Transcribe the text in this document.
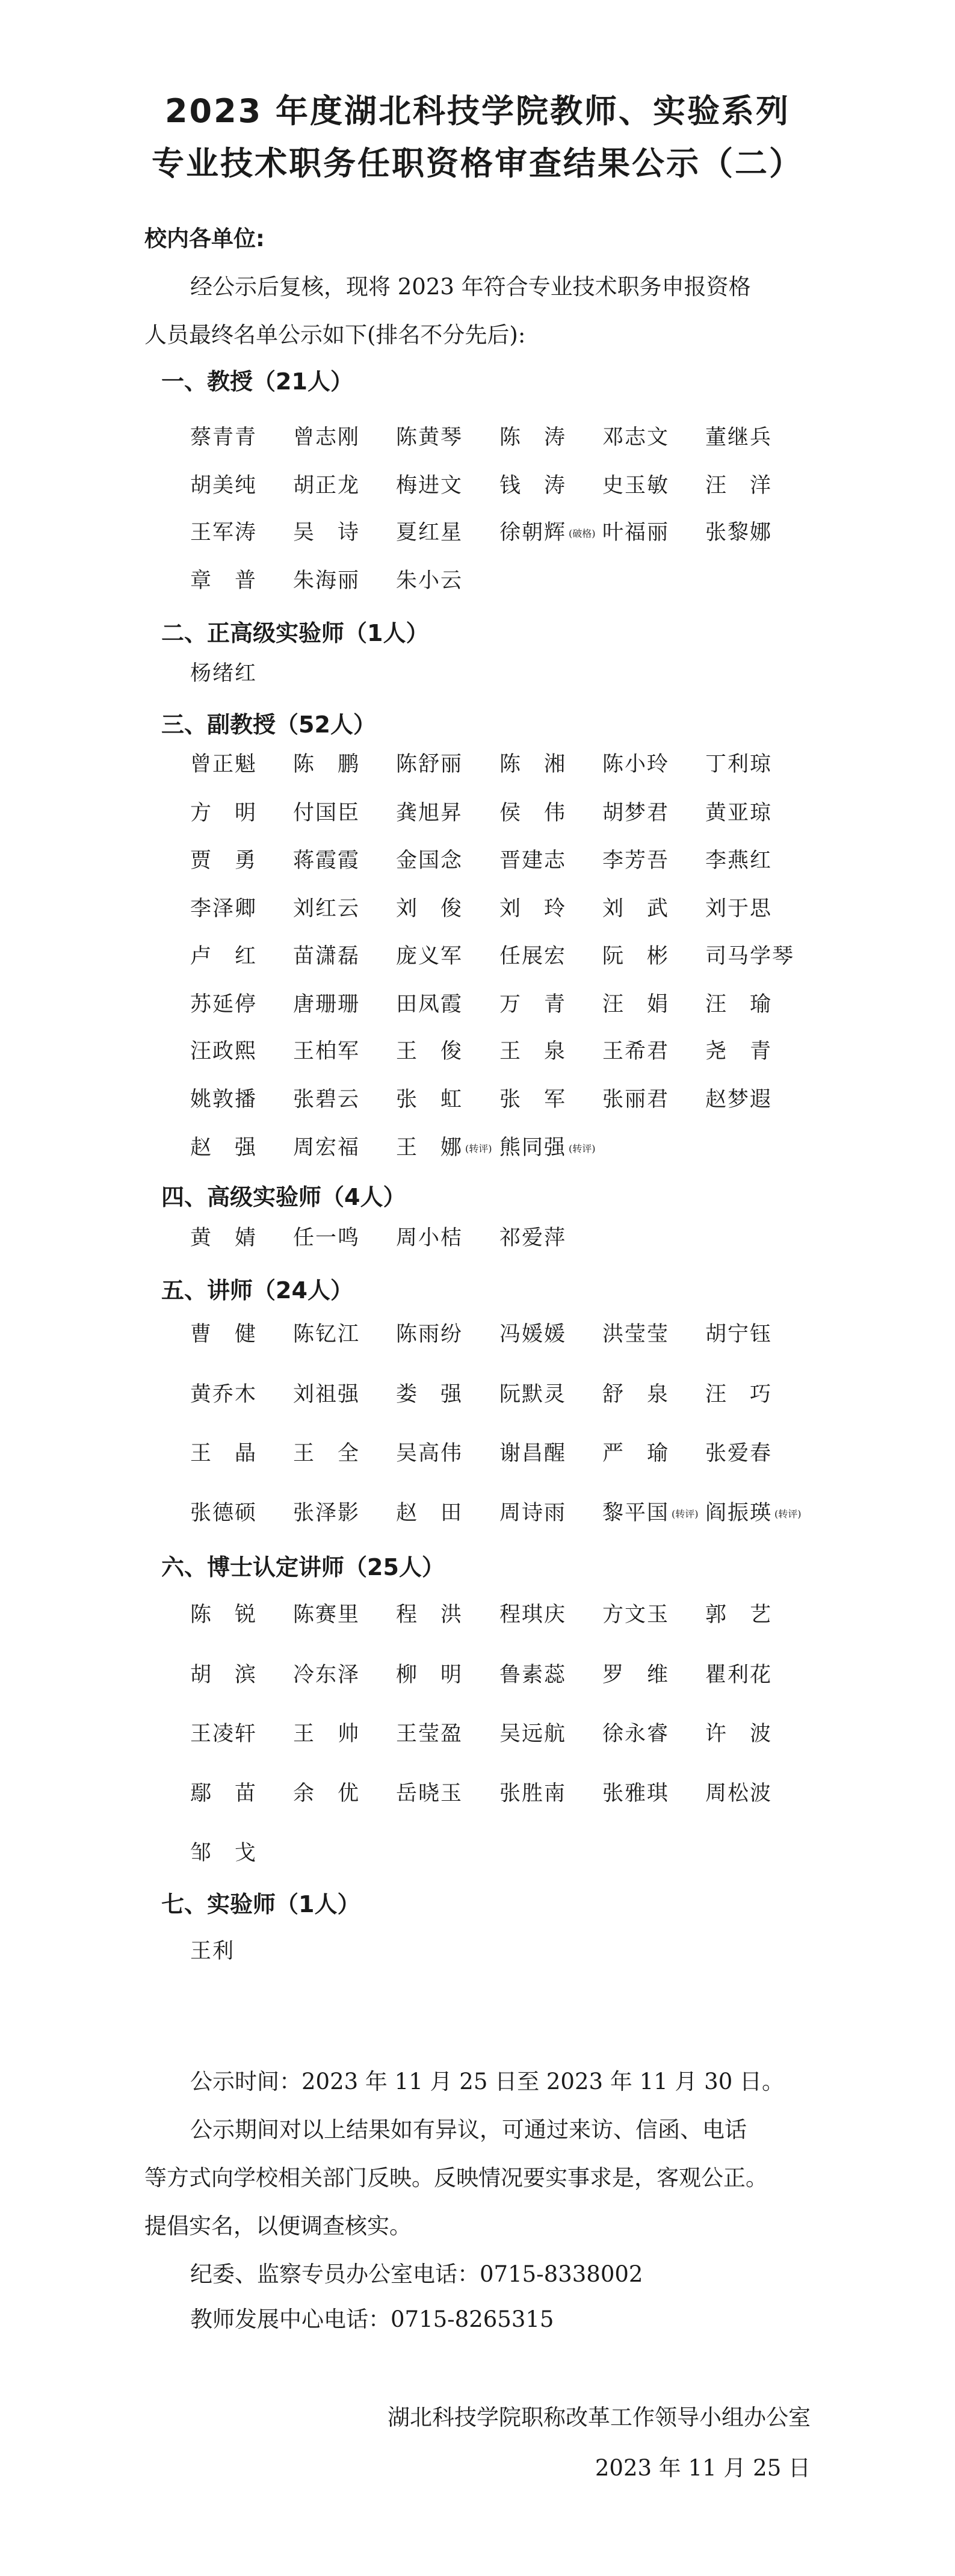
2023 年度湖北科技学院教师、实验系列
专业技术职务任职资格审查结果公示（二）
校内各单位:
经公示后复核，现将 2023 年符合专业技术职务申报资格
人员最终名单公示如下(排名不分先后):
一、教授（21人）
蔡青青 曾志刚 陈黄琴 陈　涛 邓志文 董继兵
胡美纯 胡正龙 梅进文 钱　涛 史玉敏 汪　洋
王军涛 吴　诗 夏红星 徐朝辉 (破格) 叶福丽 张黎娜
章　普 朱海丽 朱小云
二、正高级实验师（1人）
杨绪红
三、副教授（52人）
曾正魁 陈　鹏 陈舒丽 陈　湘 陈小玲 丁利琼
方　明 付国臣 龚旭昇 侯　伟 胡梦君 黄亚琼
贾　勇 蒋霞霞 金国念 晋建志 李芳吾 李燕红
李泽卿 刘红云 刘　俊 刘　玲 刘　武 刘于思
卢　红 苗潇磊 庞义军 任展宏 阮　彬 司马学琴
苏延停 唐珊珊 田凤霞 万　青 汪　娟 汪　瑜
汪政熙 王柏军 王　俊 王　泉 王希君 尧　青
姚敦播 张碧云 张　虹 张　军 张丽君 赵梦遐
赵　强 周宏福 王　娜 (转评) 熊同强 (转评)
四、高级实验师（4人）
黄　婧 任一鸣 周小桔 祁爱萍
五、讲师（24人）
曹　健 陈钇江 陈雨纷 冯媛媛 洪莹莹 胡宁钰
黄乔木 刘祖强 娄　强 阮默灵 舒　泉 汪　巧
王　晶 王　全 吴高伟 谢昌醒 严　瑜 张爱春
张德硕 张泽影 赵　田 周诗雨 黎平国 (转评) 阎振瑛 (转评)
六、博士认定讲师（25人）
陈　锐 陈赛里 程　洪 程琪庆 方文玉 郭　艺
胡　滨 冷东泽 柳　明 鲁素蕊 罗　维 瞿利花
王凌轩 王　帅 王莹盈 吴远航 徐永睿 许　波
鄢　苗 余　优 岳晓玉 张胜南 张雅琪 周松波
邹　戈
七、实验师（1人）
王利
公示时间：2023 年 11 月 25 日至 2023 年 11 月 30 日。
公示期间对以上结果如有异议，可通过来访、信函、电话
等方式向学校相关部门反映。反映情况要实事求是，客观公正。
提倡实名，以便调查核实。
纪委、监察专员办公室电话：0715-8338002
教师发展中心电话：0715-8265315
湖北科技学院职称改革工作领导小组办公室
2023 年 11 月 25 日
